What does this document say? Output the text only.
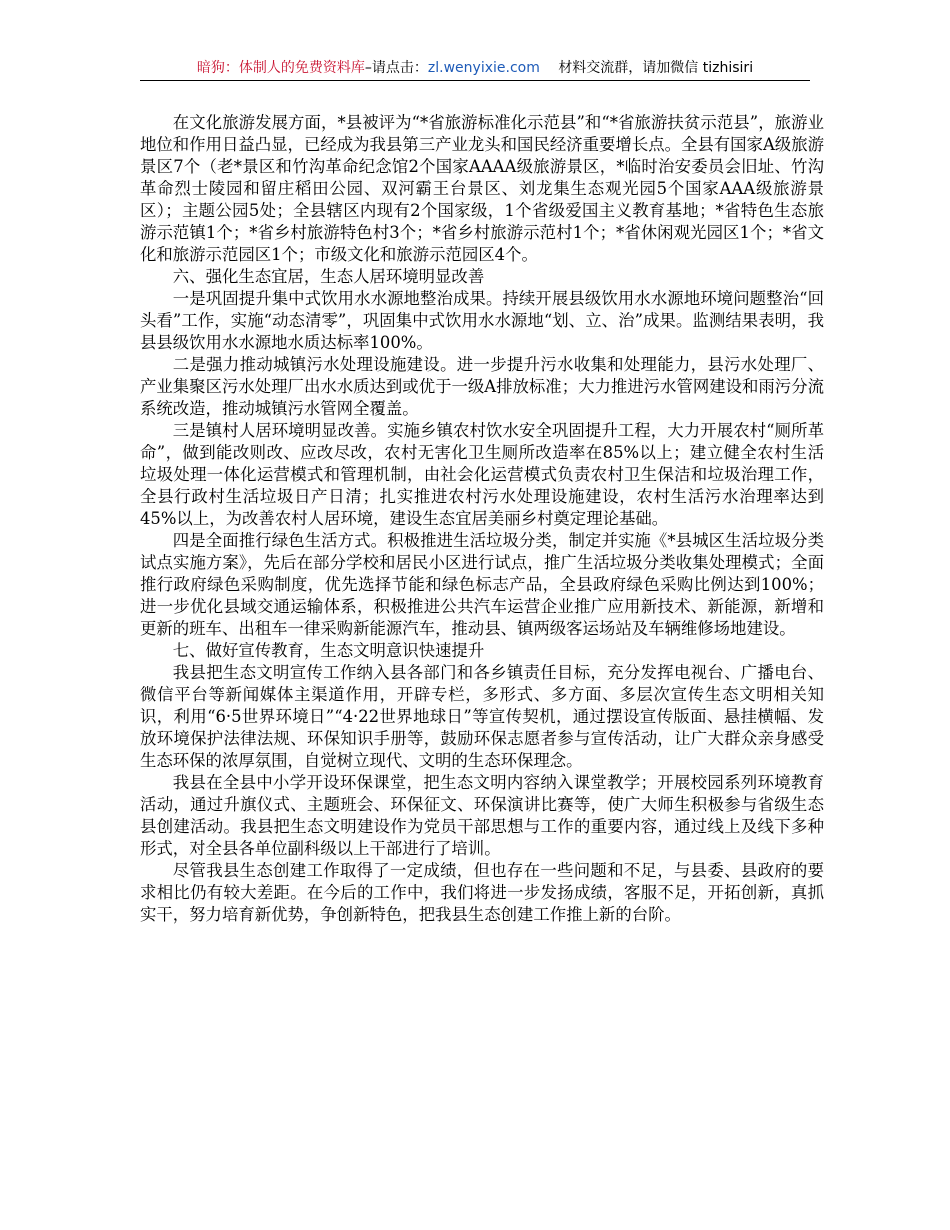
暗狗：体制人的免费资料库–请点击：zl.wenyixie.com 材料交流群，请加微信 tizhisiri

在文化旅游发展方面，*县被评为“*省旅游标准化示范县”和“*省旅游扶贫示范县”，旅游业地位和作用日益凸显，已经成为我县第三产业龙头和国民经济重要增长点。全县有国家A级旅游景区7个（老*景区和竹沟革命纪念馆2个国家AAAA级旅游景区，*临时治安委员会旧址、竹沟革命烈士陵园和留庄稻田公园、双河霸王台景区、刘龙集生态观光园5个国家AAA级旅游景区）；主题公园5处；全县辖区内现有2个国家级，1个省级爱国主义教育基地；*省特色生态旅游示范镇1个；*省乡村旅游特色村3个；*省乡村旅游示范村1个；*省休闲观光园区1个；*省文化和旅游示范园区1个；市级文化和旅游示范园区4个。

六、强化生态宜居，生态人居环境明显改善

一是巩固提升集中式饮用水水源地整治成果。持续开展县级饮用水水源地环境问题整治“回头看”工作，实施“动态清零”，巩固集中式饮用水水源地“划、立、治”成果。监测结果表明，我县县级饮用水水源地水质达标率100%。

二是强力推动城镇污水处理设施建设。进一步提升污水收集和处理能力，县污水处理厂、产业集聚区污水处理厂出水水质达到或优于一级A排放标准；大力推进污水管网建设和雨污分流系统改造，推动城镇污水管网全覆盖。

三是镇村人居环境明显改善。实施乡镇农村饮水安全巩固提升工程，大力开展农村“厕所革命”，做到能改则改、应改尽改，农村无害化卫生厕所改造率在85%以上；建立健全农村生活垃圾处理一体化运营模式和管理机制，由社会化运营模式负责农村卫生保洁和垃圾治理工作，全县行政村生活垃圾日产日清；扎实推进农村污水处理设施建设，农村生活污水治理率达到45%以上，为改善农村人居环境，建设生态宜居美丽乡村奠定理论基础。

四是全面推行绿色生活方式。积极推进生活垃圾分类，制定并实施《*县城区生活垃圾分类试点实施方案》，先后在部分学校和居民小区进行试点，推广生活垃圾分类收集处理模式；全面推行政府绿色采购制度，优先选择节能和绿色标志产品，全县政府绿色采购比例达到100%；进一步优化县域交通运输体系，积极推进公共汽车运营企业推广应用新技术、新能源，新增和更新的班车、出租车一律采购新能源汽车，推动县、镇两级客运场站及车辆维修场地建设。

七、做好宣传教育，生态文明意识快速提升

我县把生态文明宣传工作纳入县各部门和各乡镇责任目标，充分发挥电视台、广播电台、微信平台等新闻媒体主渠道作用，开辟专栏，多形式、多方面、多层次宣传生态文明相关知识，利用“6·5世界环境日”“4·22世界地球日”等宣传契机，通过摆设宣传版面、悬挂横幅、发放环境保护法律法规、环保知识手册等，鼓励环保志愿者参与宣传活动，让广大群众亲身感受生态环保的浓厚氛围，自觉树立现代、文明的生态环保理念。

我县在全县中小学开设环保课堂，把生态文明内容纳入课堂教学；开展校园系列环境教育活动，通过升旗仪式、主题班会、环保征文、环保演讲比赛等，使广大师生积极参与省级生态县创建活动。我县把生态文明建设作为党员干部思想与工作的重要内容，通过线上及线下多种形式，对全县各单位副科级以上干部进行了培训。

尽管我县生态创建工作取得了一定成绩，但也存在一些问题和不足，与县委、县政府的要求相比仍有较大差距。在今后的工作中，我们将进一步发扬成绩，客服不足，开拓创新，真抓实干，努力培育新优势，争创新特色，把我县生态创建工作推上新的台阶。
